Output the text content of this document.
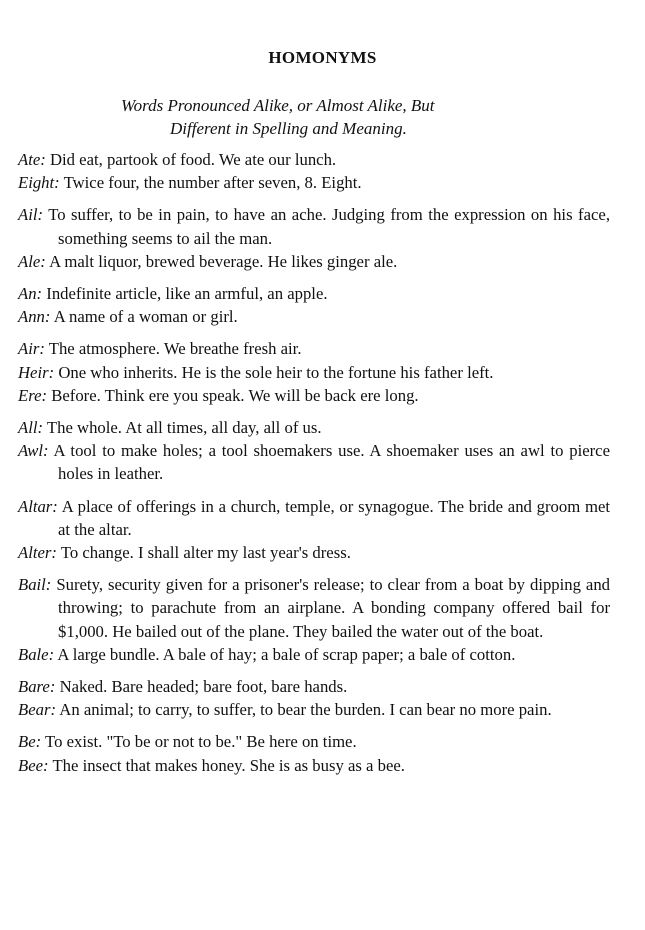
HOMONYMS
Words Pronounced Alike, or Almost Alike, But
Different in Spelling and Meaning.
Ate: Did eat, partook of food. We ate our lunch.
Eight: Twice four, the number after seven, 8. Eight.
Ail: To suffer, to be in pain, to have an ache. Judging from the expression on his face, something seems to ail the man.
Ale: A malt liquor, brewed beverage. He likes ginger ale.
An: Indefinite article, like an armful, an apple.
Ann: A name of a woman or girl.
Air: The atmosphere. We breathe fresh air.
Heir: One who inherits. He is the sole heir to the fortune his father left.
Ere: Before. Think ere you speak. We will be back ere long.
All: The whole. At all times, all day, all of us.
Awl: A tool to make holes; a tool shoemakers use. A shoemaker uses an awl to pierce holes in leather.
Altar: A place of offerings in a church, temple, or synagogue. The bride and groom met at the altar.
Alter: To change. I shall alter my last year's dress.
Bail: Surety, security given for a prisoner's release; to clear from a boat by dipping and throwing; to parachute from an airplane. A bonding company offered bail for $1,000. He bailed out of the plane. They bailed the water out of the boat.
Bale: A large bundle. A bale of hay; a bale of scrap paper; a bale of cotton.
Bare: Naked. Bare headed; bare foot, bare hands.
Bear: An animal; to carry, to suffer, to bear the burden. I can bear no more pain.
Be: To exist. "To be or not to be." Be here on time.
Bee: The insect that makes honey. She is as busy as a bee.
